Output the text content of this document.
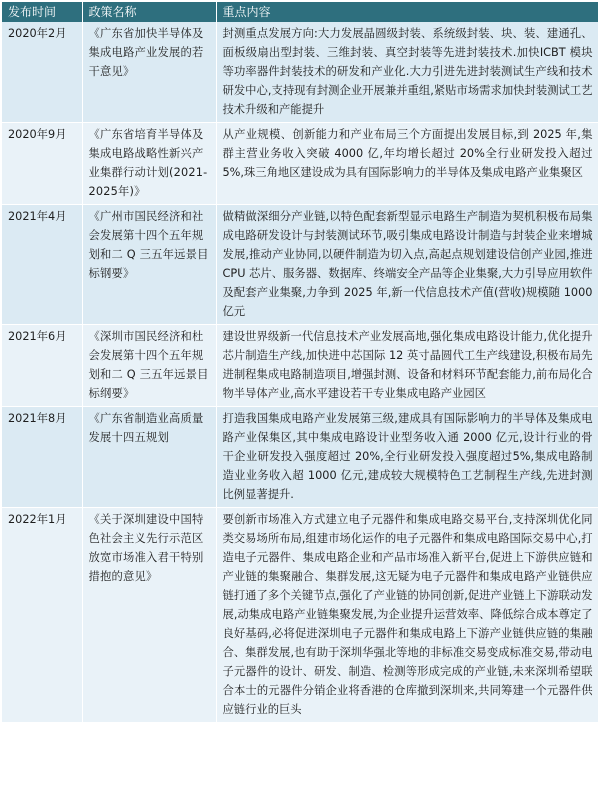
发布时间	政策名称	重点内容
2020年2月	《广东省加快半导体及集成电路产业发展的若干意见》	封测重点发展方向:大力发展晶圆级封装、系统级封装、块、装、建通孔、面板级扇出型封装、三维封装、真空封装等先进封装技术.加快ICBT 模块等功率器件封装技术的研发和产业化.大力引进先进封装测试生产线和技术研发中心,支持现有封测企业开展兼并重组,紧贴市场需求加快封装测试工艺技术升级和产能提升
2020年9月	《广东省培育半导体及集成电路战略性新兴产业集群行动计划(2021-2025年)》	从产业规模、创新能力和产业布局三个方面提出发展目标,到 2025 年,集群主营业务收入突破 4000 亿,年均增长超过 20%全行业研发投入超过 5%,珠三角地区建设成为具有国际影响力的半导体及集成电路产业集聚区
2021年4月	《广州市国民经济和社会发展第十四个五年规划和二 Q 三五年远景目标钢要》	做精做深细分产业链,以特色配套新型显示电路生产制造为契机积极布局集成电路研发设计与封装测试环节,吸引集成电路设计制造与封装企业来增城发展,推动产业协同,以硬件制造为切入点,高起点规划建设信创产业园,推进 CPU 芯片、服务器、数据库、终端安全产品等企业集聚,大力引导应用软件及配套产业集聚,力争到 2025 年,新一代信息技术产值(营收)规模随 1000 亿元
2021年6月	《深圳市国民经济和杜会发展第十四个五年规划和二 Q 三五年远景目标纲要》	建设世界级新一代信息技术产业发展高地,强化集成电路设计能力,优化提升芯片制造生产线,加快进中芯国际 12 英寸晶圆代工生产线建设,积极布局先进制程集成电路制造项目,增强封测、设备和材料环节配套能力,前布局化合物半导体产业,高水平建设若干专业集成电路产业园区
2021年8月	《广东省制造业高质量发展十四五规划	打造我国集成电路产业发展第三级,建成具有国际影响力的半导体及集成电路产业保集区,其中集成电路设计业型务收入通 2000 亿元,设计行业的骨干企业研发投入强度超过 20%,全行业研发投入强度超过5%,集成电路制造业业务收入超 1000 亿元,建成较大规模特色工艺制程生产线,先进封测比例显著提升.
2022年1月	《关于深圳建设中国特色社会主义先行示范区放宽市场准入君干特别措抱的意见》	要创新市场准入方式建立电子元器件和集成电路交易平台,支持深圳优化同类交易场所布局,组建市场化运作的电子元器件和集成电路国际交易中心,打造电子元器件、集成电路企业和产品市场准入新平台,促进上下游供应链和产业链的集聚融合、集群发展,这无疑为电子元器件和集成电路产业链供应链打通了多个关键节点,强化了产业链的协同创新,促进产业链上下游联动发展,动集成电路产业链集聚发展,为企业提升运营效率、降低综合成本尊定了良好基码,必将促进深圳电子元器件和集成电路上下游产业链供应链的集融合、集群发展,也有助于深圳华强北等地的非标准交易变成标准交易,带动电子元器件的设计、研发、制造、检测等形成完成的产业链,未来深圳希望联合本士的元器件分销企业将香港的仓库撤到深圳来,共同筹建一个元器件供应链行业的巨头
